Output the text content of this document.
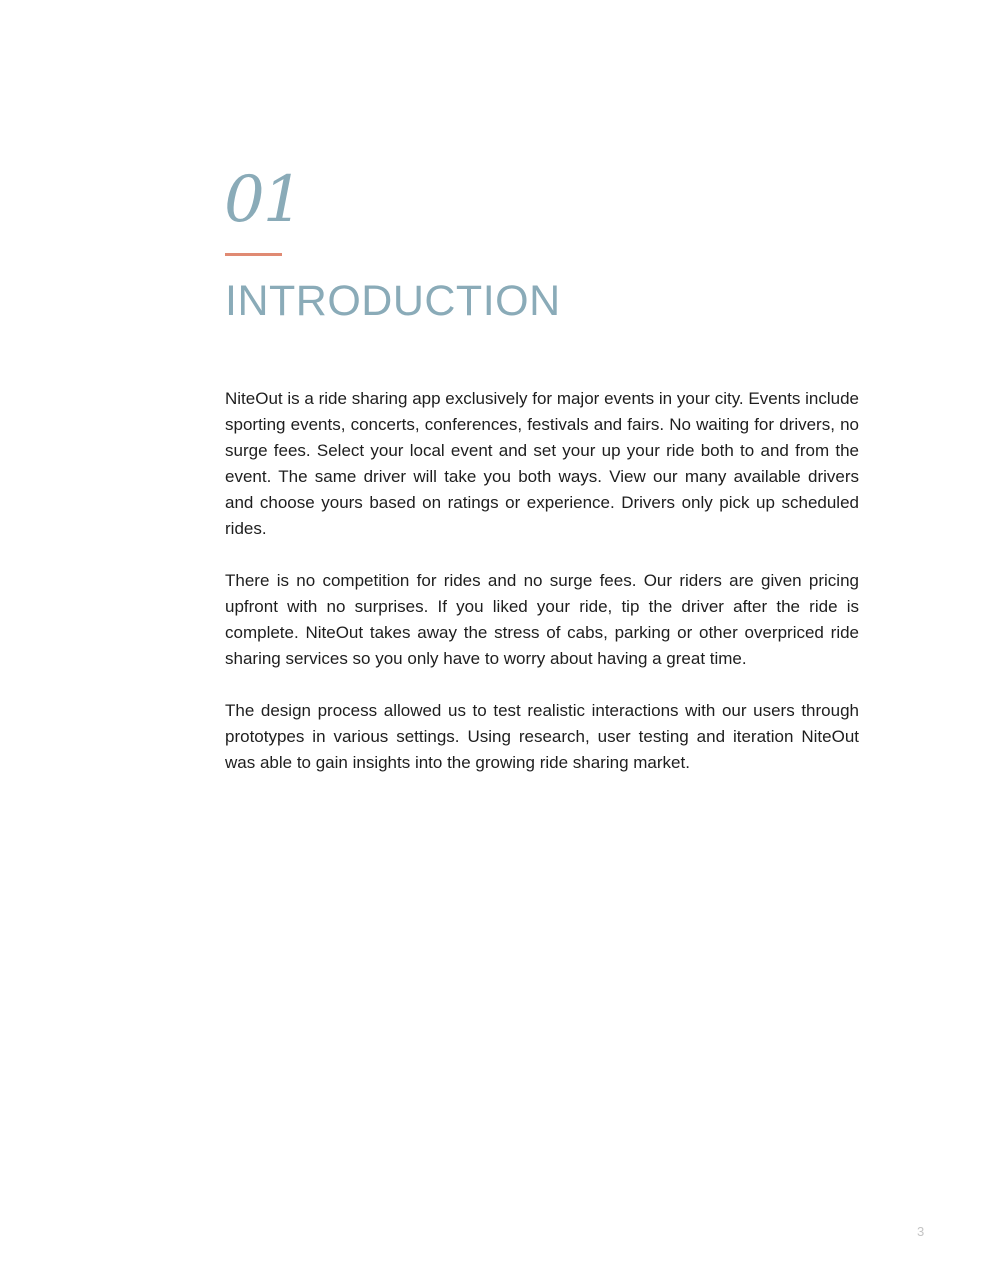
01
INTRODUCTION

NiteOut is a ride sharing app exclusively for major events in your city. Events include sporting events, concerts, conferences, festivals and fairs. No waiting for drivers, no surge fees. Select your local event and set your up your ride both to and from the event. The same driver will take you both ways. View our many available drivers and choose yours based on ratings or experience. Drivers only pick up scheduled rides.

There is no competition for rides and no surge fees. Our riders are given pricing upfront with no surprises. If you liked your ride, tip the driver after the ride is complete. NiteOut takes away the stress of cabs, parking or other overpriced ride sharing services so you only have to worry about having a great time.

The design process allowed us to test realistic interactions with our users through prototypes in various settings. Using research, user testing and iteration NiteOut was able to gain insights into the growing ride sharing market.

3
